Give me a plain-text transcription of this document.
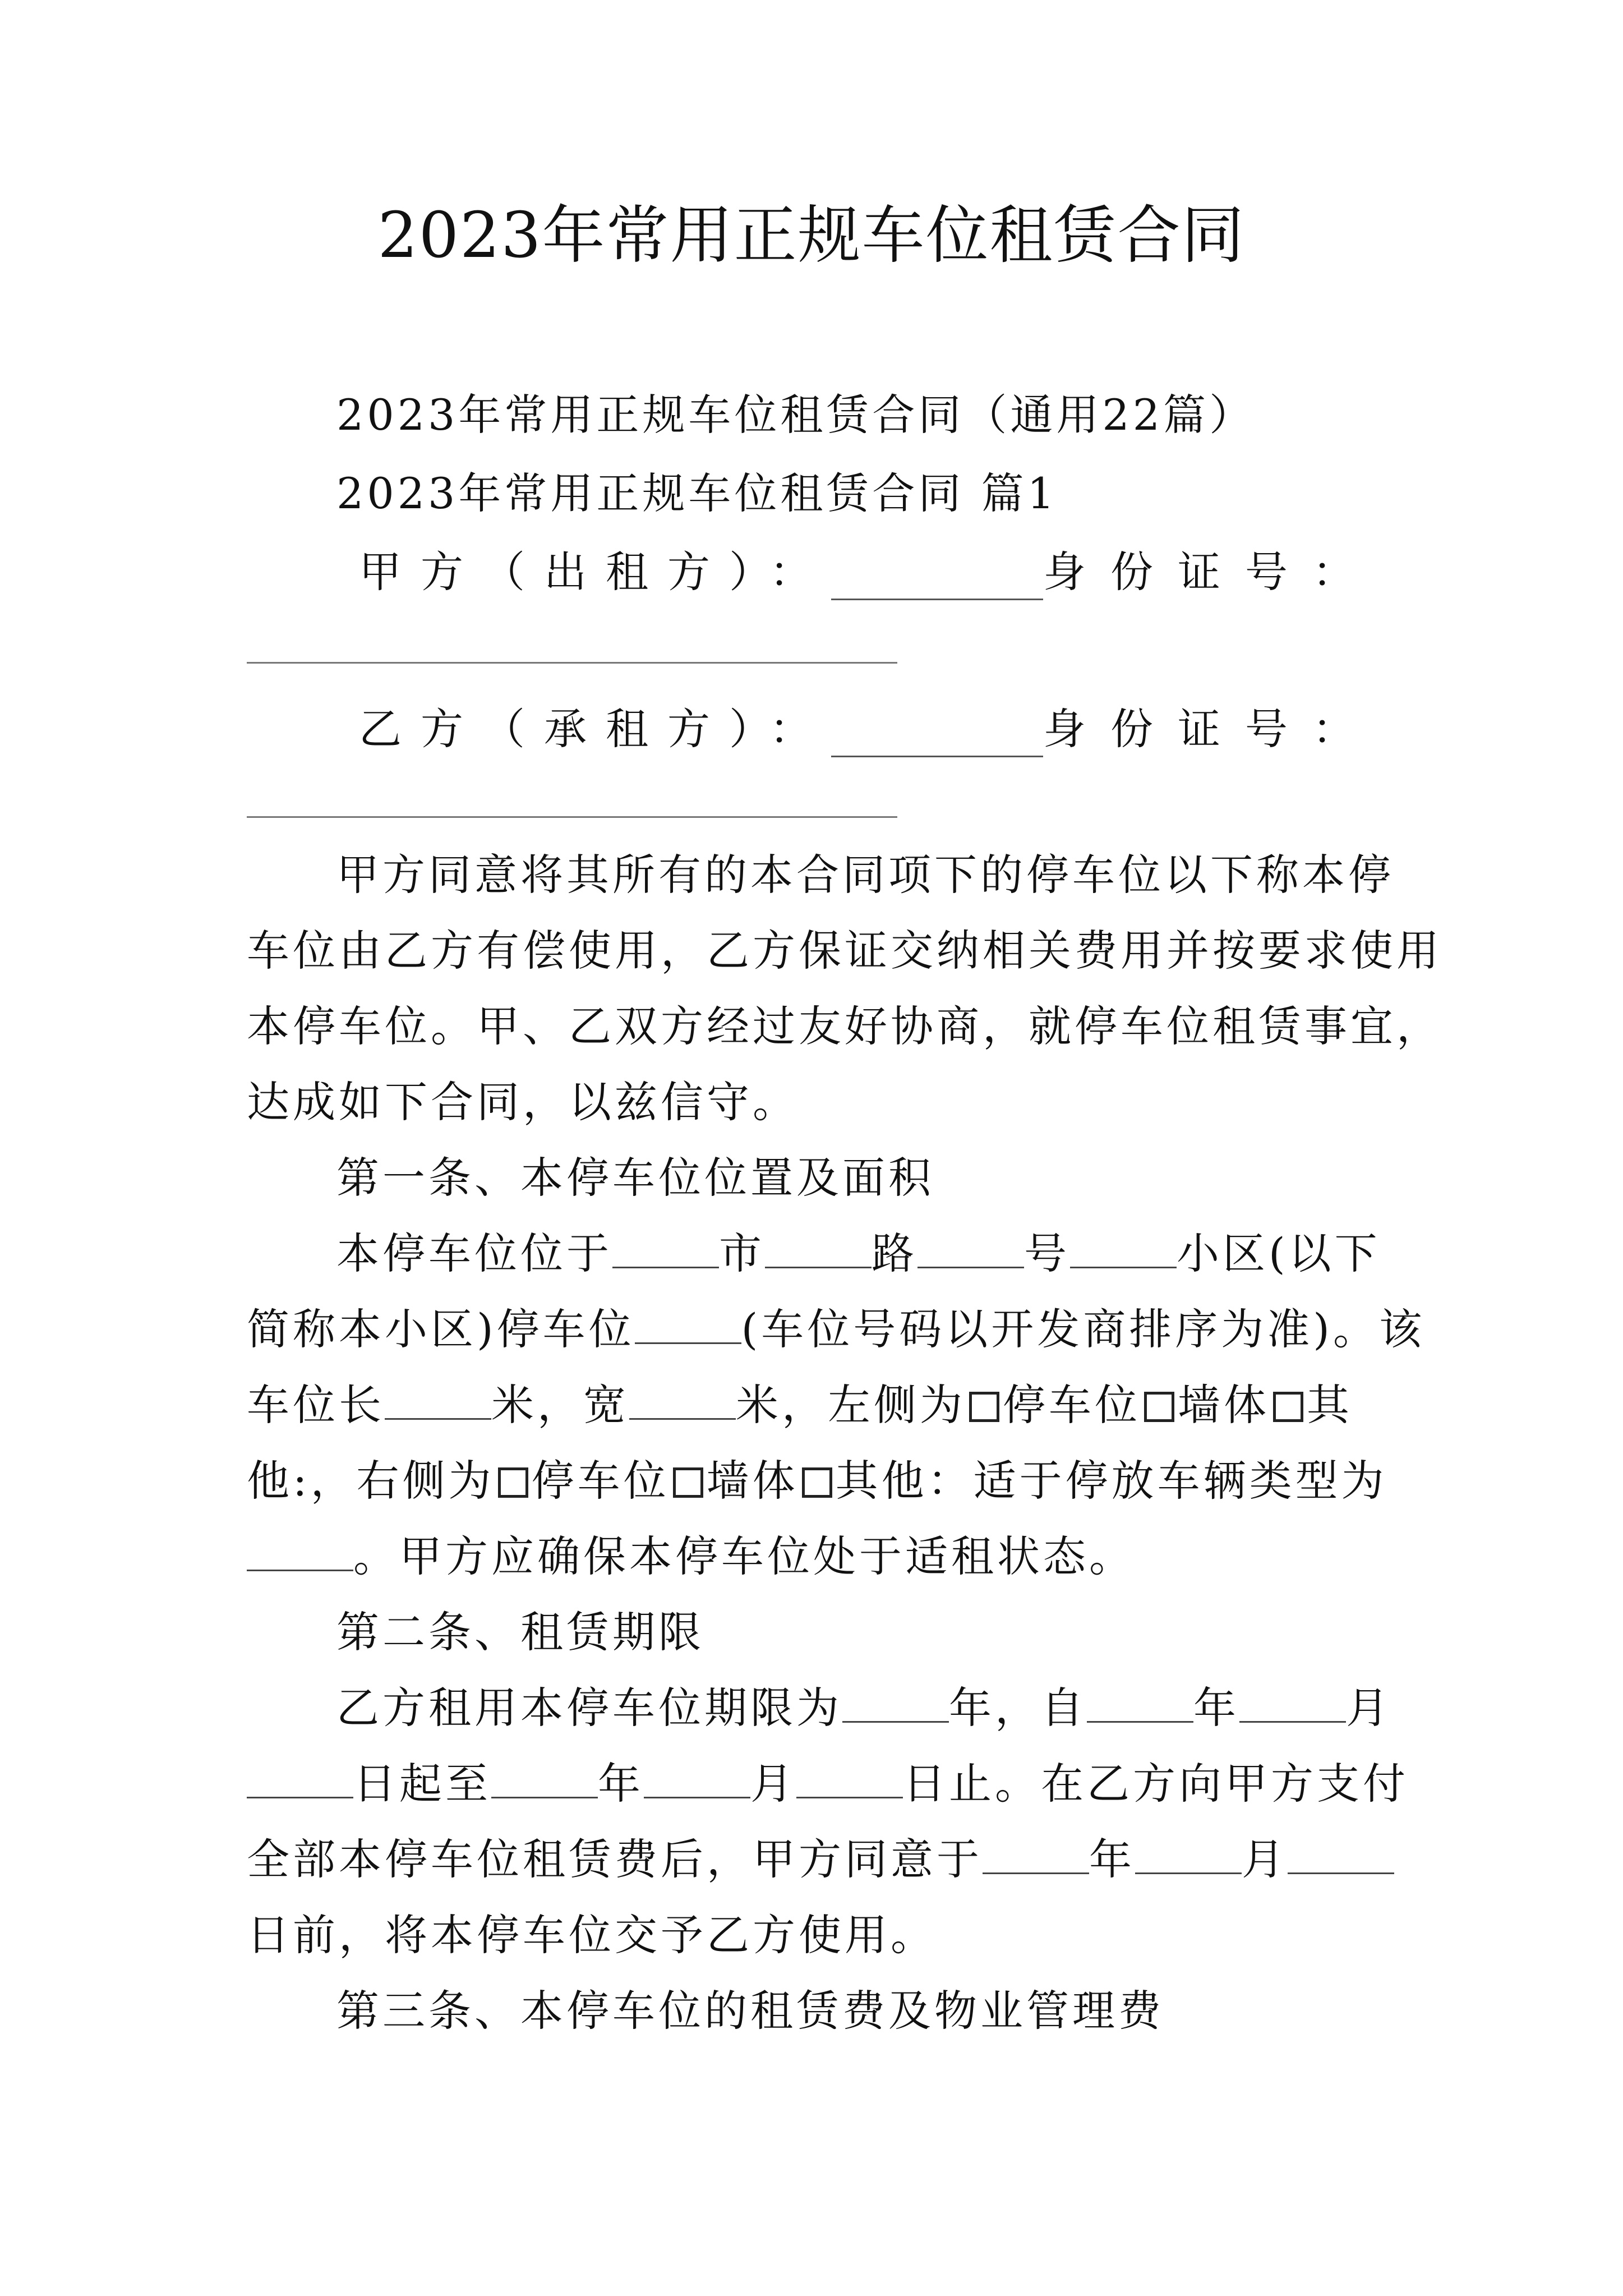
2023年常用正规车位租赁合同
2023年常用正规车位租赁合同（通用22篇）
2023年常用正规车位租赁合同 篇1
甲方（出租方）：	身份证号：
乙方（承租方）：	身份证号：
甲方同意将其所有的本合同项下的停车位以下称本停
车位由乙方有偿使用，乙方保证交纳相关费用并按要求使用
本停车位。甲、乙双方经过友好协商，就停车位租赁事宜，
达成如下合同，以兹信守。
第一条、本停车位位置及面积
本停车位位于	市	路	号	小区(以下
简称本小区)停车位	(车位号码以开发商排序为准)。该
车位长	米，宽	米，左侧为 停车位 墙体 其
他:，右侧为 停车位 墙体 其他：适于停放车辆类型为
。甲方应确保本停车位处于适租状态。
第二条、租赁期限
乙方租用本停车位期限为	年，自	年	月
日起至	年	月	日止。在乙方向甲方支付
全部本停车位租赁费后，甲方同意于	年	月
日前，将本停车位交予乙方使用。
第三条、本停车位的租赁费及物业管理费
